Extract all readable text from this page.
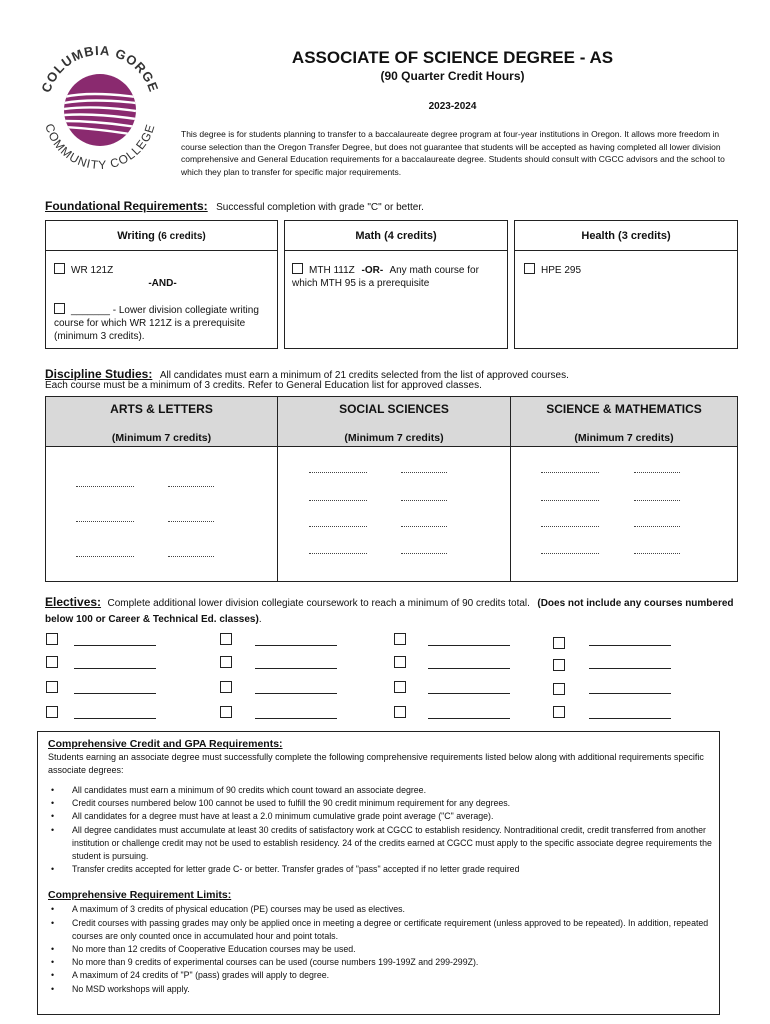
COLUMBIA GORGE
COMMUNITY COLLEGE
ASSOCIATE OF SCIENCE DEGREE - AS
(90 Quarter Credit Hours)
2023-2024
This degree is for students planning to transfer to a baccalaureate degree program at four-year institutions in Oregon. It allows more freedom in course selection than the Oregon Transfer Degree, but does not guarantee that students will be accepted as having completed all lower division comprehensive and General Education requirements for a baccalaureate degree. Students should consult with CGCC advisors and the school to which they plan to transfer for specific major requirements.
Foundational Requirements: Successful completion with grade "C" or better.
Writing (6 credits)
WR 121Z
-AND-
_______ - Lower division collegiate writing course for which WR 121Z is a prerequisite (minimum 3 credits).
Math (4 credits)
MTH 111Z -OR- Any math course for which MTH 95 is a prerequisite
Health (3 credits)
HPE 295
Discipline Studies: All candidates must earn a minimum of 21 credits selected from the list of approved courses.
Each course must be a minimum of 3 credits. Refer to General Education list for approved classes.
ARTS & LETTERS
(Minimum 7 credits)
SOCIAL SCIENCES
(Minimum 7 credits)
SCIENCE & MATHEMATICS
(Minimum 7 credits)
Electives: Complete additional lower division collegiate coursework to reach a minimum of 90 credits total. (Does not include any courses numbered below 100 or Career & Technical Ed. classes).
Comprehensive Credit and GPA Requirements:
Students earning an associate degree must successfully complete the following comprehensive requirements listed below along with additional requirements specific associate degrees:
• All candidates must earn a minimum of 90 credits which count toward an associate degree.
• Credit courses numbered below 100 cannot be used to fulfill the 90 credit minimum requirement for any degrees.
• All candidates for a degree must have at least a 2.0 minimum cumulative grade point average ("C" average).
• All degree candidates must accumulate at least 30 credits of satisfactory work at CGCC to establish residency. Nontraditional credit, credit transferred from another institution or challenge credit may not be used to establish residency. 24 of the credits earned at CGCC must apply to the specific associate degree requirements the student is pursuing.
• Transfer credits accepted for letter grade C- or better. Transfer grades of "pass" accepted if no letter grade required
Comprehensive Requirement Limits:
• A maximum of 3 credits of physical education (PE) courses may be used as electives.
• Credit courses with passing grades may only be applied once in meeting a degree or certificate requirement (unless approved to be repeated). In addition, repeated courses are only counted once in accumulated hour and point totals.
• No more than 12 credits of Cooperative Education courses may be used.
• No more than 9 credits of experimental courses can be used (course numbers 199-199Z and 299-299Z).
• A maximum of 24 credits of "P" (pass) grades will apply to degree.
• No MSD workshops will apply.
